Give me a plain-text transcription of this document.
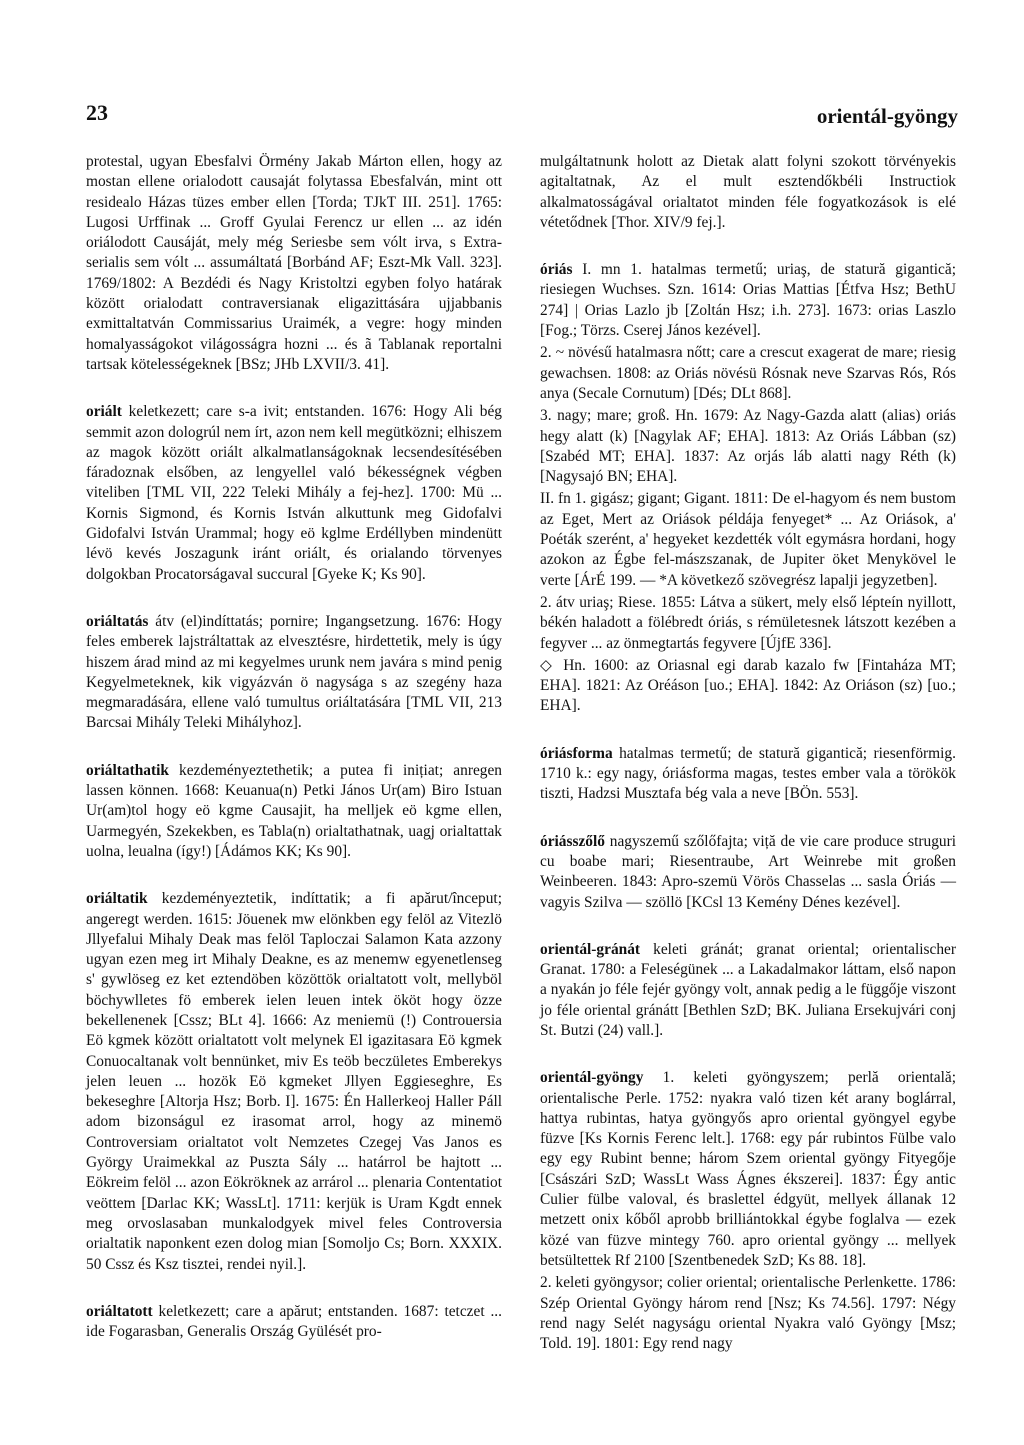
23	orientál-gyöngy

protestal, ugyan Ebesfalvi Örmény Jakab Márton ellen, hogy az mostan ellene orialodott causaját folytassa Ebesfalván, mint ott residealo Házas tüzes ember ellen [Torda; TJkT III. 251]. 1765: Lugosi Urffinak ... Groff Gyulai Ferencz ur ellen ... az idén oriálodott Causáját, mely még Seriesbe sem vólt irva, s Extra-serialis sem vólt ... assumáltatá [Borbánd AF; Eszt-Mk Vall. 323]. 1769/1802: A Bezdédi és Nagy Kristoltzi egyben folyo határak között orialodatt contraversianak eligazittására ujjabbanis exmittaltatván Commissarius Uraimék, a vegre: hogy minden homalyasságokot világosságra hozni ... és ã Tablanak reportalni tartsak kötelességeknek [BSz; JHb LXVII/3. 41].

oriált keletkezett; care s-a ivit; entstanden. 1676: Hogy Ali bég semmit azon dologrúl nem írt, azon nem kell megütközni; elhiszem az magok között oriált alkalmatlanságoknak lecsendesítésében fáradoznak elsőben, az lengyellel való békességnek végben viteliben [TML VII, 222 Teleki Mihály a fej-hez]. 1700: Mü ... Kornis Sigmond, és Kornis István alkuttunk meg Gidofalvi Gidofalvi István Urammal; hogy eö kglme Erdéllyben mindenütt lévö kevés Joszagunk iránt oriált, és orialando törvenyes dolgokban Procatorságaval succural [Gyeke K; Ks 90].

oriáltatás átv (el)indíttatás; pornire; Ingangsetzung. 1676: Hogy feles emberek lajstráltattak az elvesztésre, hirdettetik, mely is úgy hiszem árad mind az mi kegyelmes urunk nem javára s mind penig Kegyelmeteknek, kik vigyázván ö nagysága s az szegény haza megmaradására, ellene való tumultus oriáltatására [TML VII, 213 Barcsai Mihály Teleki Mihályhoz].

oriáltathatik kezdeményeztethetik; a putea fi inițiat; anregen lassen können. 1668: Keuanua(n) Petki János Ur(am) Biro Istuan Ur(am)tol hogy eö kgme Causajit, ha melljek eö kgme ellen, Uarmegyén, Szekekben, es Tabla(n) orialtathatnak, uagj orialtattak uolna, leualna (így!) [Ádámos KK; Ks 90].

oriáltatik kezdeményeztetik, indíttatik; a fi apărut/început; angeregt werden. 1615: Jöuenek mw elönkben egy felöl az Vitezlö Jllyefalui Mihaly Deak mas felöl Taploczai Salamon Kata azzony ugyan ezen meg irt Mihaly Deakne, es az menemw egyenetlenseg s' gywlöseg ez ket eztendöben közöttök orialtatott volt, mellyböl böchywlletes fö emberek ielen leuen intek ököt hogy özze bekellenenek [Cssz; BLt 4]. 1666: Az meniemü (!) Controuersia Eö kgmek között orialtatott volt melynek El igazitasara Eö kgmek Conuocaltanak volt bennünket, miv Es teöb beczületes Emberekys jelen leuen ... hozök Eö kgmeket Jllyen Eggieseghre, Es bekeseghre [Altorja Hsz; Borb. I]. 1675: Én Hallerkeoj Haller Páll adom bizonságul ez irasomat arrol, hogy az minemö Controversiam orialtatot volt Nemzetes Czegej Vas Janos es György Uraimekkal az Puszta Sály ... határrol be hajtott ... Eökreim felöl ... azon Eökröknek az arrárol ... plenaria Contentatiot veöttem [Darlac KK; WassLt]. 1711: kerjük is Uram Kgdt ennek meg orvoslasaban munkalodgyek mivel feles Controversia orialtatik naponkent ezen dolog mian [Somoljo Cs; Born. XXXIX. 50 Cssz és Ksz tisztei, rendei nyil.].

oriáltatott keletkezett; care a apărut; entstanden. 1687: tetczet ... ide Fogarasban, Generalis Ország Gyülését pro-

mulgáltatnunk holott az Dietak alatt folyni szokott törvényekis agitaltatnak, Az el mult esztendőkbéli Instructiok alkalmatosságával orialtatot minden féle fogyatkozások is elé vétetődnek [Thor. XIV/9 fej.].

óriás I. mn 1. hatalmas termetű; uriaş, de statură gigantică; riesiegen Wuchses. Szn. 1614: Orias Mattias [Étfva Hsz; BethU 274] | Orias Lazlo jb [Zoltán Hsz; i.h. 273]. 1673: orias Laszlo [Fog.; Törzs. Cserej János kezével].

2. ~ növésű hatalmasra nőtt; care a crescut exagerat de mare; riesig gewachsen. 1808: az Oriás növésü Rósnak neve Szarvas Rós, Rós anya (Secale Cornutum) [Dés; DLt 868].

3. nagy; mare; groß. Hn. 1679: Az Nagy-Gazda alatt (alias) oriás hegy alatt (k) [Nagylak AF; EHA]. 1813: Az Oriás Lábban (sz) [Szabéd MT; EHA]. 1837: Az orjás láb alatti nagy Réth (k) [Nagysajó BN; EHA].

II. fn 1. gigász; gigant; Gigant. 1811: De el-hagyom és nem bustom az Eget, Mert az Oriások példája fenyeget* ... Az Oriások, a' Poéták szerént, a' hegyeket kezdették vólt egymásra hordani, hogy azokon az Égbe fel-mászszanak, de Jupiter öket Menykövel le verte [ÁrÉ 199. — *A következő szövegrész lapalji jegyzetben].

2. átv uriaş; Riese. 1855: Látva a sükert, mely első lépteín nyillott, békén haladott a fölébredt óriás, s rémületesnek látszott kezében a fegyver ... az önmegtartás fegyvere [ÚjfE 336].

◇ Hn. 1600: az Oriasnal egi darab kazalo fw [Fintaháza MT; EHA]. 1821: Az Oréáson [uo.; EHA]. 1842: Az Oriáson (sz) [uo.; EHA].

óriásforma hatalmas termetű; de statură gigantică; riesenförmig. 1710 k.: egy nagy, óriásforma magas, testes ember vala a törökök tiszti, Hadzsi Musztafa bég vala a neve [BÖn. 553].

óriásszőlő nagyszemű szőlőfajta; viță de vie care produce struguri cu boabe mari; Riesentraube, Art Weinrebe mit großen Weinbeeren. 1843: Apro-szemü Vörös Chasselas ... sasla Óriás — vagyis Szilva — szöllö [KCsl 13 Kemény Dénes kezével].

orientál-gránát keleti gránát; granat oriental; orientalischer Granat. 1780: a Feleségünek ... a Lakadalmakor láttam, első napon a nyakán jo féle fejér gyöngy volt, annak pedig a le függője viszont jo féle oriental gránátt [Bethlen SzD; BK. Juliana Ersekujvári conj St. Butzi (24) vall.].

orientál-gyöngy 1. keleti gyöngyszem; perlă orientală; orientalische Perle. 1752: nyakra való tizen két arany boglárral, hattya rubintas, hatya gyöngyős apro oriental gyöngyel egybe füzve [Ks Kornis Ferenc lelt.]. 1768: egy pár rubintos Fülbe valo egy egy Rubint benne; három Szem oriental gyöngy Fityegője [Császári SzD; WassLt Wass Ágnes ékszerei]. 1837: Égy antic Culier fülbe valoval, és braslettel édgyüt, mellyek állanak 12 metzett onix kőből aprobb brilliántokkal égybe foglalva — ezek közé van füzve mintegy 760. apro oriental gyöngy ... mellyek betsültettek Rf 2100 [Szentbenedek SzD; Ks 88. 18].

2. keleti gyöngysor; colier oriental; orientalische Perlenkette. 1786: Szép Oriental Gyöngy három rend [Nsz; Ks 74.56]. 1797: Négy rend nagy Selét nagyságu oriental Nyakra való Gyöngy [Msz; Told. 19]. 1801: Egy rend nagy
